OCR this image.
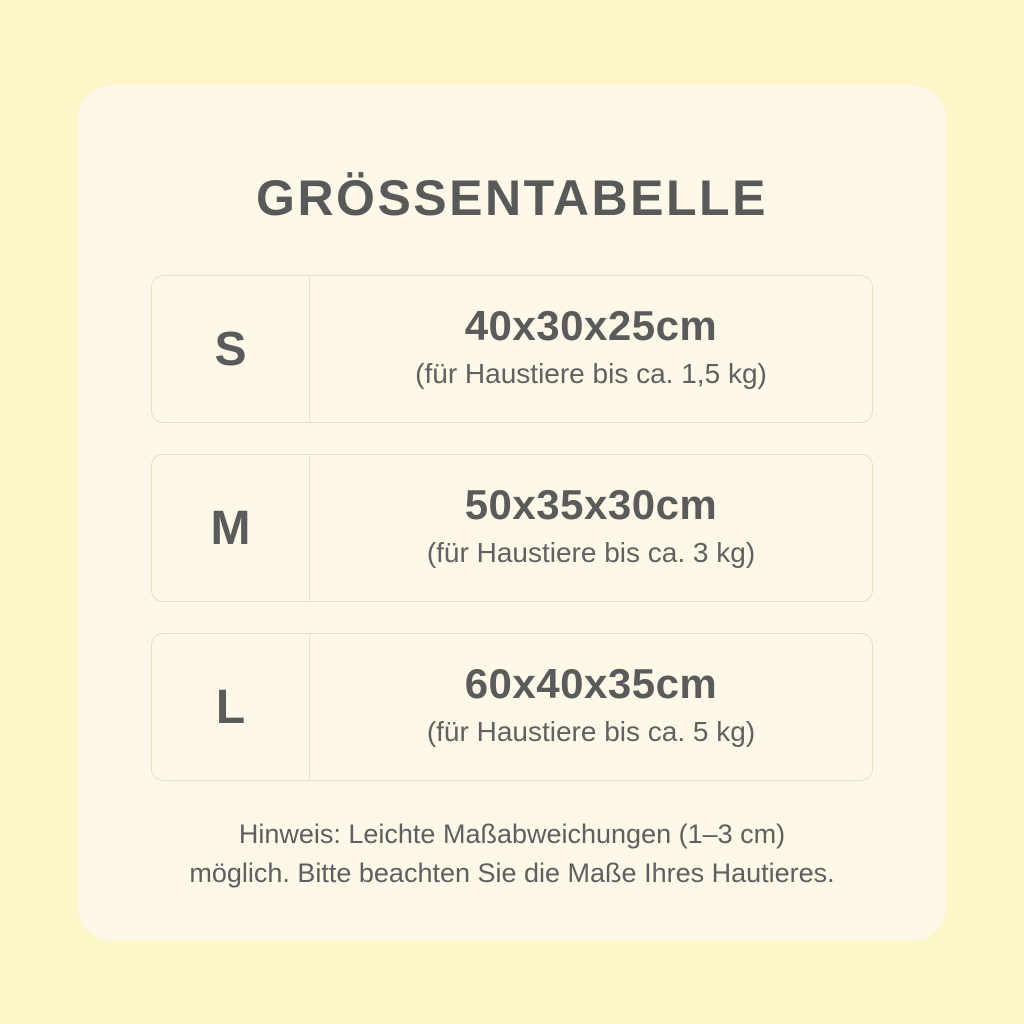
GRÖSSENTABELLE
S	40x30x25cm
(für Haustiere bis ca. 1,5 kg)
M	50x35x30cm
(für Haustiere bis ca. 3 kg)
L	60x40x35cm
(für Haustiere bis ca. 5 kg)
Hinweis: Leichte Maßabweichungen (1–3 cm)
möglich. Bitte beachten Sie die Maße Ihres Hautieres.
